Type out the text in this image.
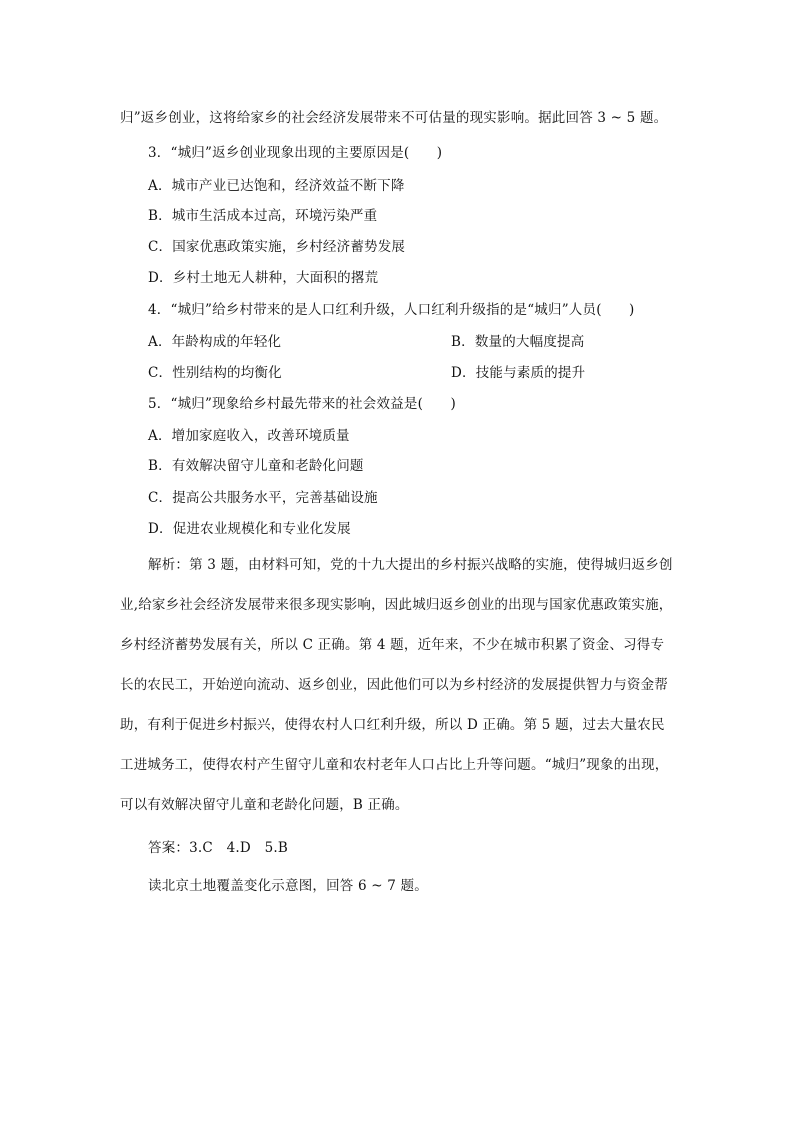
归”返乡创业，这将给家乡的社会经济发展带来不可估量的现实影响。据此回答 3 ~ 5 题。
3．“城归”返乡创业现象出现的主要原因是(　　)
A．城市产业已达饱和，经济效益不断下降
B．城市生活成本过高，环境污染严重
C．国家优惠政策实施，乡村经济蓄势发展
D．乡村土地无人耕种，大面积的撂荒
4．“城归”给乡村带来的是人口红利升级，人口红利升级指的是“城归”人员(　　)
A．年龄构成的年轻化	B．数量的大幅度提高
C．性别结构的均衡化	D．技能与素质的提升
5．“城归”现象给乡村最先带来的社会效益是(　　)
A．增加家庭收入，改善环境质量
B．有效解决留守儿童和老龄化问题
C．提高公共服务水平，完善基础设施
D．促进农业规模化和专业化发展
解析：第 3 题，由材料可知，党的十九大提出的乡村振兴战略的实施，使得城归返乡创
业,给家乡社会经济发展带来很多现实影响，因此城归返乡创业的出现与国家优惠政策实施，
乡村经济蓄势发展有关，所以 C 正确。第 4 题，近年来，不少在城市积累了资金、习得专
长的农民工，开始逆向流动、返乡创业，因此他们可以为乡村经济的发展提供智力与资金帮
助，有利于促进乡村振兴，使得农村人口红利升级，所以 D 正确。第 5 题，过去大量农民
工进城务工，使得农村产生留守儿童和农村老年人口占比上升等问题。“城归”现象的出现，
可以有效解决留守儿童和老龄化问题，B 正确。
答案：3.C　4.D　5.B
读北京土地覆盖变化示意图，回答 6 ~ 7 题。
